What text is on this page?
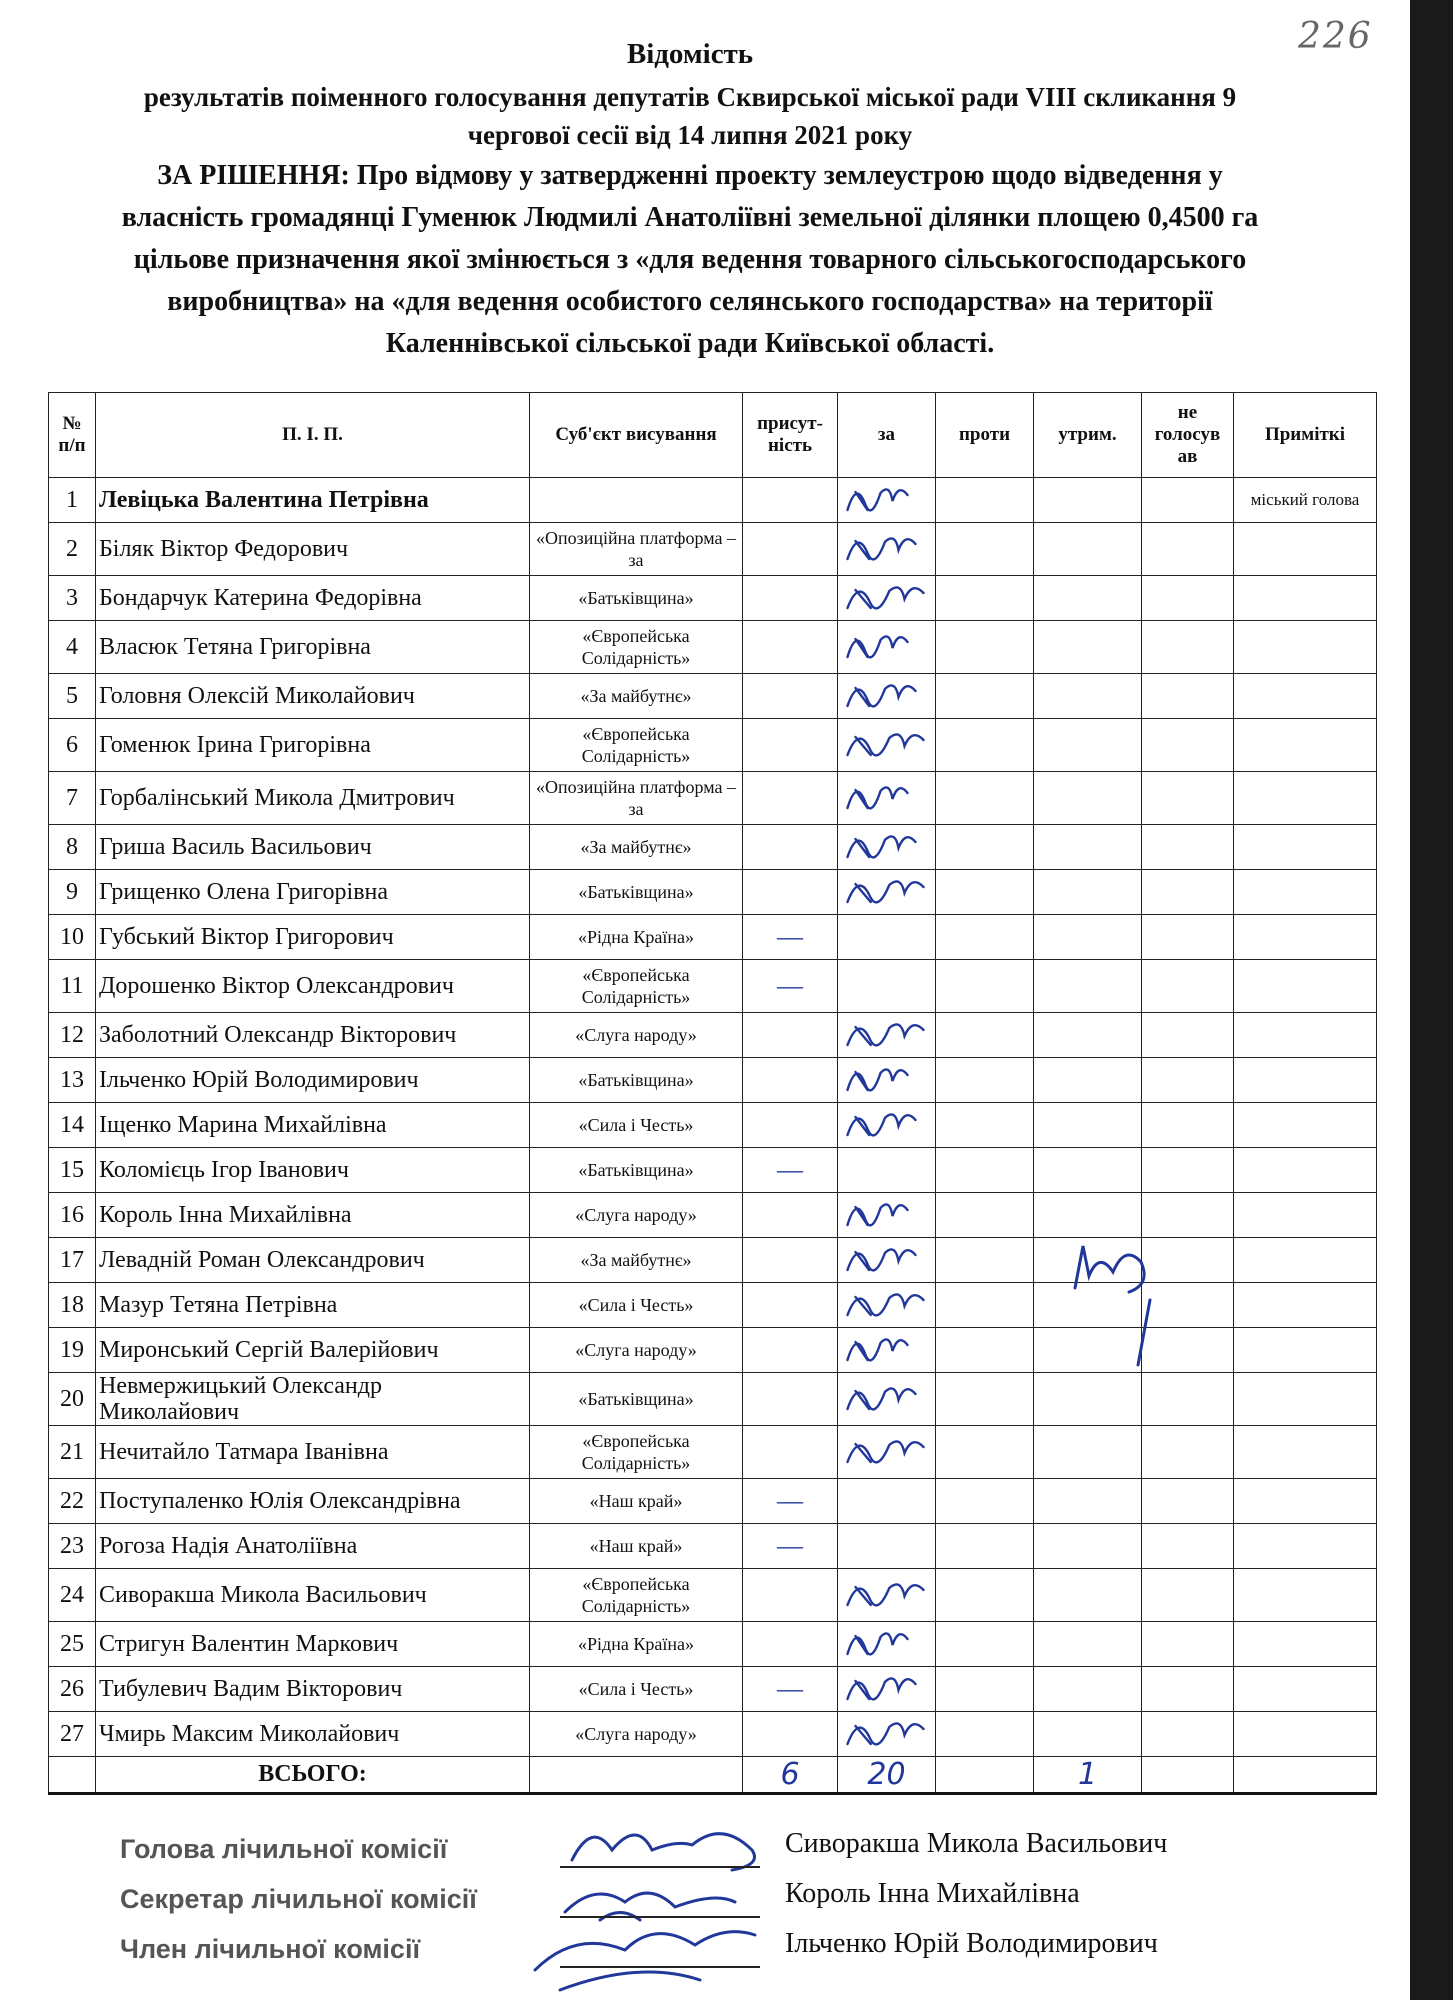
226
Відомість
результатів поіменного голосування депутатів Сквирської міської ради VIII скликання 9
чергової сесії від 14 липня 2021 року
ЗА РІШЕННЯ: Про відмову у затвердженні проекту землеустрою щодо відведення у
власність громадянці Гуменюк Людмилі Анатоліївні земельної ділянки площею 0,4500 га
цільове призначення якої змінюється з «для ведення товарного сільськогосподарського
виробництва» на «для ведення особистого селянського господарства» на території
Каленнівської сільської ради Київської області.
№ п/п	П. І. П.	Суб'єкт висування	присут-ність	за	проти	утрим.	не голосув ав	Приміткі
1	Левіцька Валентина Петрівна							міський голова
2	Біляк Віктор Федорович	«Опозиційна платформа – за						
3	Бондарчук Катерина Федорівна	«Батьківщина»						
4	Власюк Тетяна Григорівна	«Європейська Солідарність»						
5	Головня Олексій Миколайович	«За майбутнє»						
6	Гоменюк Ірина Григорівна	«Європейська Солідарність»						
7	Горбалінський Микола Дмитрович	«Опозиційна платформа – за						
8	Гриша Василь Васильович	«За майбутнє»						
9	Грищенко Олена Григорівна	«Батьківщина»						
10	Губський Віктор Григорович	«Рідна Країна»	—					
11	Дорошенко Віктор Олександрович	«Європейська Солідарність»	—					
12	Заболотний Олександр Вікторович	«Слуга народу»						
13	Ільченко Юрій Володимирович	«Батьківщина»						
14	Іщенко Марина Михайлівна	«Сила і Честь»						
15	Коломієць Ігор Іванович	«Батьківщина»	—					
16	Король Інна Михайлівна	«Слуга народу»						
17	Левадній Роман Олександрович	«За майбутнє»						
18	Мазур Тетяна Петрівна	«Сила і Честь»						
19	Миронський Сергій Валерійович	«Слуга народу»						
20	Невмержицький Олександр Миколайович	«Батьківщина»						
21	Нечитайло Татмара Іванівна	«Європейська Солідарність»						
22	Поступаленко Юлія Олександрівна	«Наш край»	—					
23	Рогоза Надія Анатоліївна	«Наш край»	—					
24	Сиворакша Микола Васильович	«Європейська Солідарність»						
25	Стригун Валентин Маркович	«Рідна Країна»						
26	Тибулевич Вадим Вікторович	«Сила і Честь»	—					
27	Чмирь Максим Миколайович	«Слуга народу»						
	ВСЬОГО:		6	20		1		
Голова лічильної комісії	Сиворакша Микола Васильович
Секретар лічильної комісії	Король Інна Михайлівна
Член лічильної комісії	Ільченко Юрій Володимирович
